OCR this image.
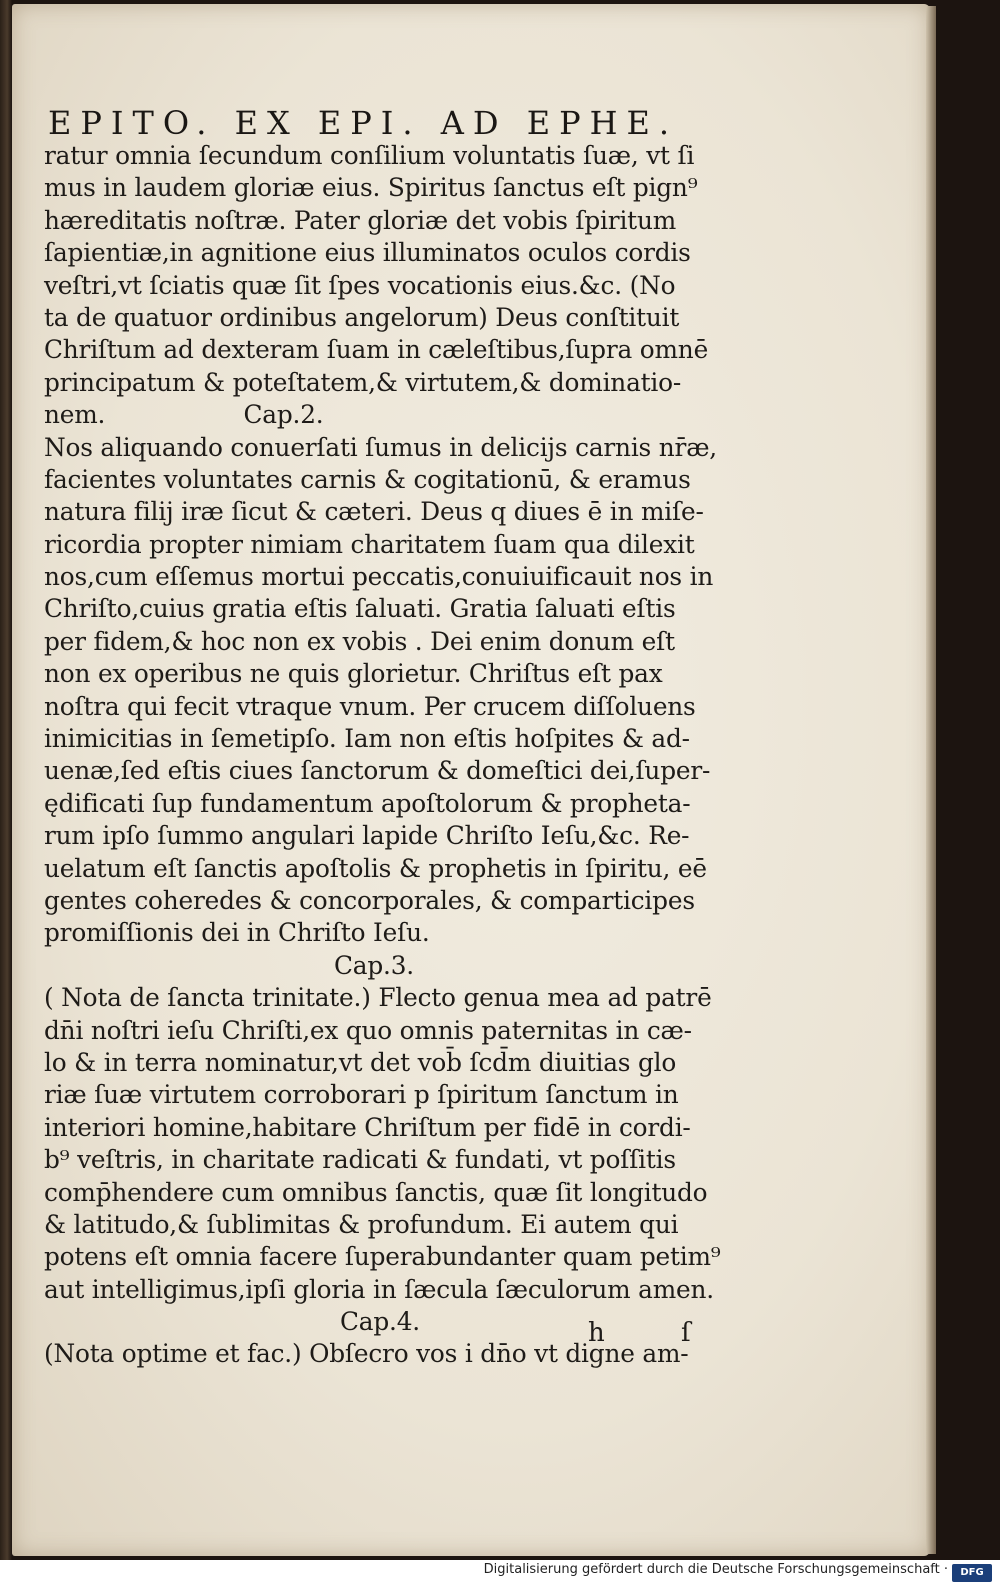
EPITO. EX EPI. AD EPHE.
ratur omnia ſecundum conſilium voluntatis ſuæ, vt ſi
mus in laudem gloriæ eius. Spiritus ſanctus eſt pign⁹
hæreditatis noſtræ. Pater gloriæ det vobis ſpiritum
ſapientiæ,in agnitione eius illuminatos oculos cordis
veſtri,vt ſciatis quæ ſit ſpes vocationis eius.&c. (No
ta de quatuor ordinibus angelorum) Deus conſtituit
Chriſtum ad dexteram ſuam in cæleſtibus,ſupra omnē
principatum & poteſtatem,& virtutem,& dominatio-
nem.                  Cap.2.
Nos aliquando conuerſati ſumus in delicijs carnis nr̄æ,
facientes voluntates carnis & cogitationū, & eramus
natura filij iræ ſicut & cæteri. Deus q diues ē in miſe-
ricordia propter nimiam charitatem ſuam qua dilexit
nos,cum eſſemus mortui peccatis,conuiuificauit nos in
Chriſto,cuius gratia eſtis ſaluati. Gratia ſaluati eſtis
per fidem,& hoc non ex vobis . Dei enim donum eſt
non ex operibus ne quis glorietur. Chriſtus eſt pax
noſtra qui fecit vtraque vnum. Per crucem diſſoluens
inimicitias in ſemetipſo. Iam non eſtis hoſpites & ad-
uenæ,ſed eſtis ciues ſanctorum & domeſtici dei,ſuper-
ędificati ſup fundamentum apoſtolorum & propheta-
rum ipſo ſummo angulari lapide Chriſto Ieſu,&c. Re-
uelatum eſt ſanctis apoſtolis & prophetis in ſpiritu, eē
gentes coheredes & concorporales, & comparticipes
promiſſionis dei in Chriſto Ieſu.
Cap.3.
( Nota de ſancta trinitate.) Flecto genua mea ad patrē
dn̄i noſtri ieſu Chriſti,ex quo omnis paternitas in cæ-
lo & in terra nominatur,vt det vob̄ ſcd̄m diuitias glo
riæ ſuæ virtutem corroborari p ſpiritum ſanctum in
interiori homine,habitare Chriſtum per fidē in cordi-
b⁹ veſtris, in charitate radicati & fundati, vt poſſitis
comp̄hendere cum omnibus ſanctis, quæ ſit longitudo
& latitudo,& ſublimitas & profundum. Ei autem qui
potens eſt omnia facere ſuperabundanter quam petim⁹
aut intelligimus,ipſi gloria in ſæcula ſæculorum amen.
Cap.4.
(Nota optime et fac.) Obſecro vos i dn̄o vt digne am-
h ſ
Digitalisierung gefördert durch die Deutsche Forschungsgemeinschaft ·	DFG
